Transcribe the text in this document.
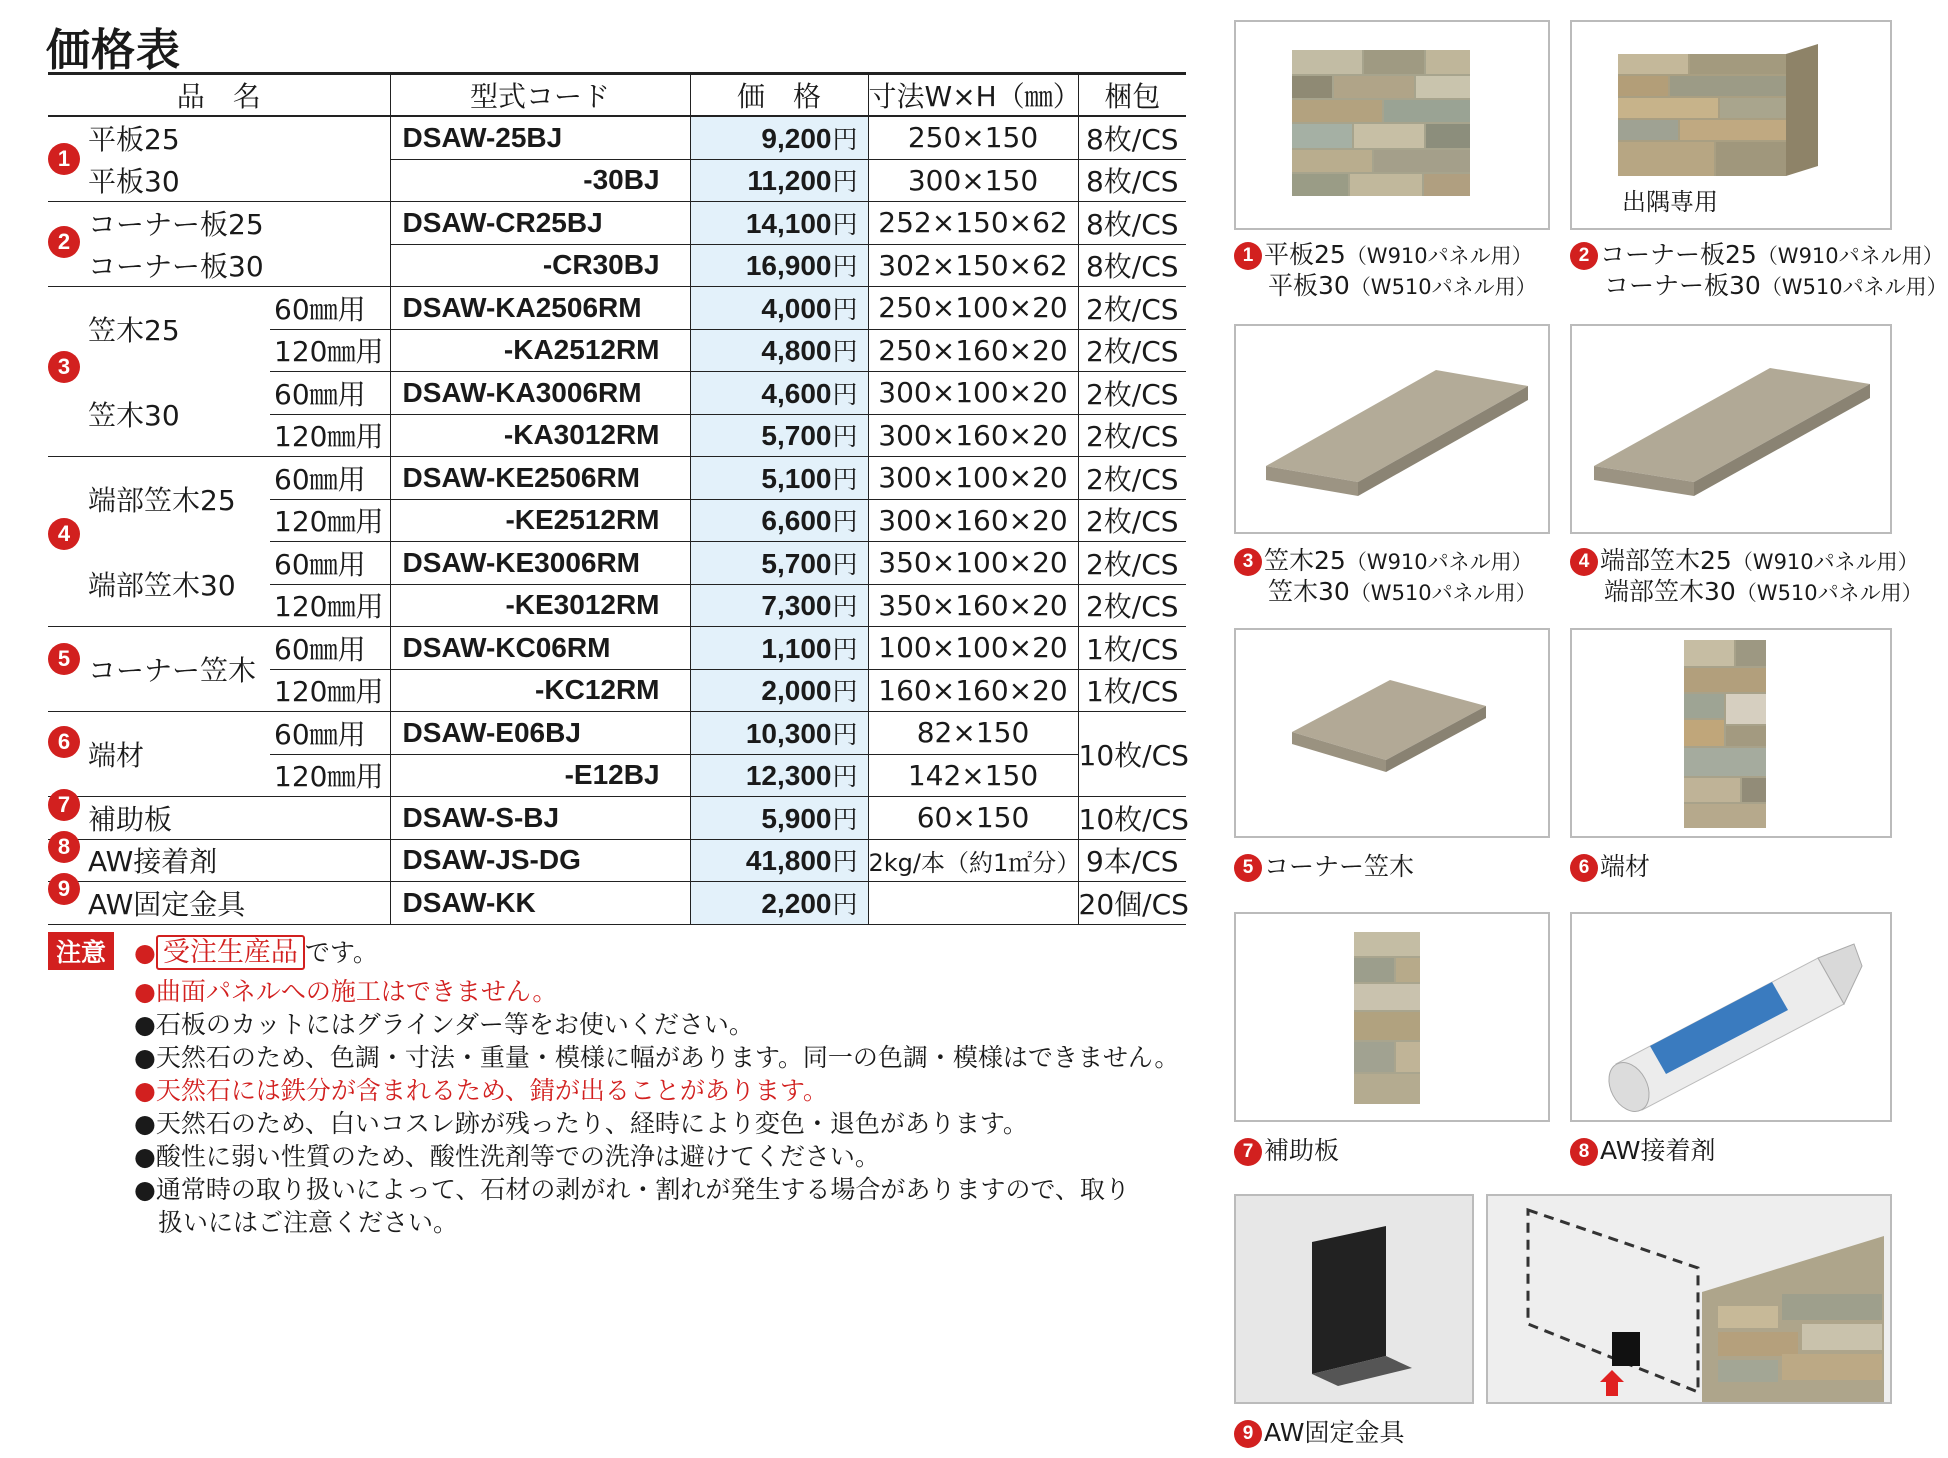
価格表
品　名		型式コード	価　格	寸法W×H（㎜）	梱包
平板25		DSAW-25BJ	9,200円	250×150	8枚/CS
平板30		-30BJ	11,200円	300×150	8枚/CS
コーナー板25		DSAW-CR25BJ	14,100円	252×150×62	8枚/CS
コーナー板30		-CR30BJ	16,900円	302×150×62	8枚/CS
笠木25	60㎜用	DSAW-KA2506RM	4,000円	250×100×20	2枚/CS
	120㎜用	-KA2512RM	4,800円	250×160×20	2枚/CS
笠木30	60㎜用	DSAW-KA3006RM	4,600円	300×100×20	2枚/CS
	120㎜用	-KA3012RM	5,700円	300×160×20	2枚/CS
端部笠木25	60㎜用	DSAW-KE2506RM	5,100円	300×100×20	2枚/CS
	120㎜用	-KE2512RM	6,600円	300×160×20	2枚/CS
端部笠木30	60㎜用	DSAW-KE3006RM	5,700円	350×100×20	2枚/CS
	120㎜用	-KE3012RM	7,300円	350×160×20	2枚/CS
コーナー笠木	60㎜用	DSAW-KC06RM	1,100円	100×100×20	1枚/CS
	120㎜用	-KC12RM	2,000円	160×160×20	1枚/CS
端材	60㎜用	DSAW-E06BJ	10,300円	82×150	10枚/CS
	120㎜用	-E12BJ	12,300円	142×150	
補助板		DSAW-S-BJ	5,900円	60×150	10枚/CS
AW接着剤		DSAW-JS-DG	41,800円	2kg/本（約1㎡分）	9本/CS
AW固定金具		DSAW-KK	2,200円		20個/CS
1
2
3
4
5
6
7
8
9
注意	● 受注生産品 です。
●曲面パネルへの施工はできません。
●石板のカットにはグラインダー等をお使いください。
●天然石のため、色調・寸法・重量・模様に幅があります。同一の色調・模様はできません。
●天然石には鉄分が含まれるため、錆が出ることがあります。
●天然石のため、白いコスレ跡が残ったり、経時により変色・退色があります。
●酸性に弱い性質のため、酸性洗剤等での洗浄は避けてください。
●通常時の取り扱いによって、石材の剥がれ・割れが発生する場合がありますので、取り
扱いにはご注意ください。
出隅専用
1 平板25（W910パネル用）
平板30（W510パネル用）
2 コーナー板25（W910パネル用）
コーナー板30（W510パネル用）
3 笠木25（W910パネル用）
笠木30（W510パネル用）
4 端部笠木25（W910パネル用）
端部笠木30（W510パネル用）
5 コーナー笠木	6 端材
7 補助板	8 AW接着剤
9 AW固定金具
